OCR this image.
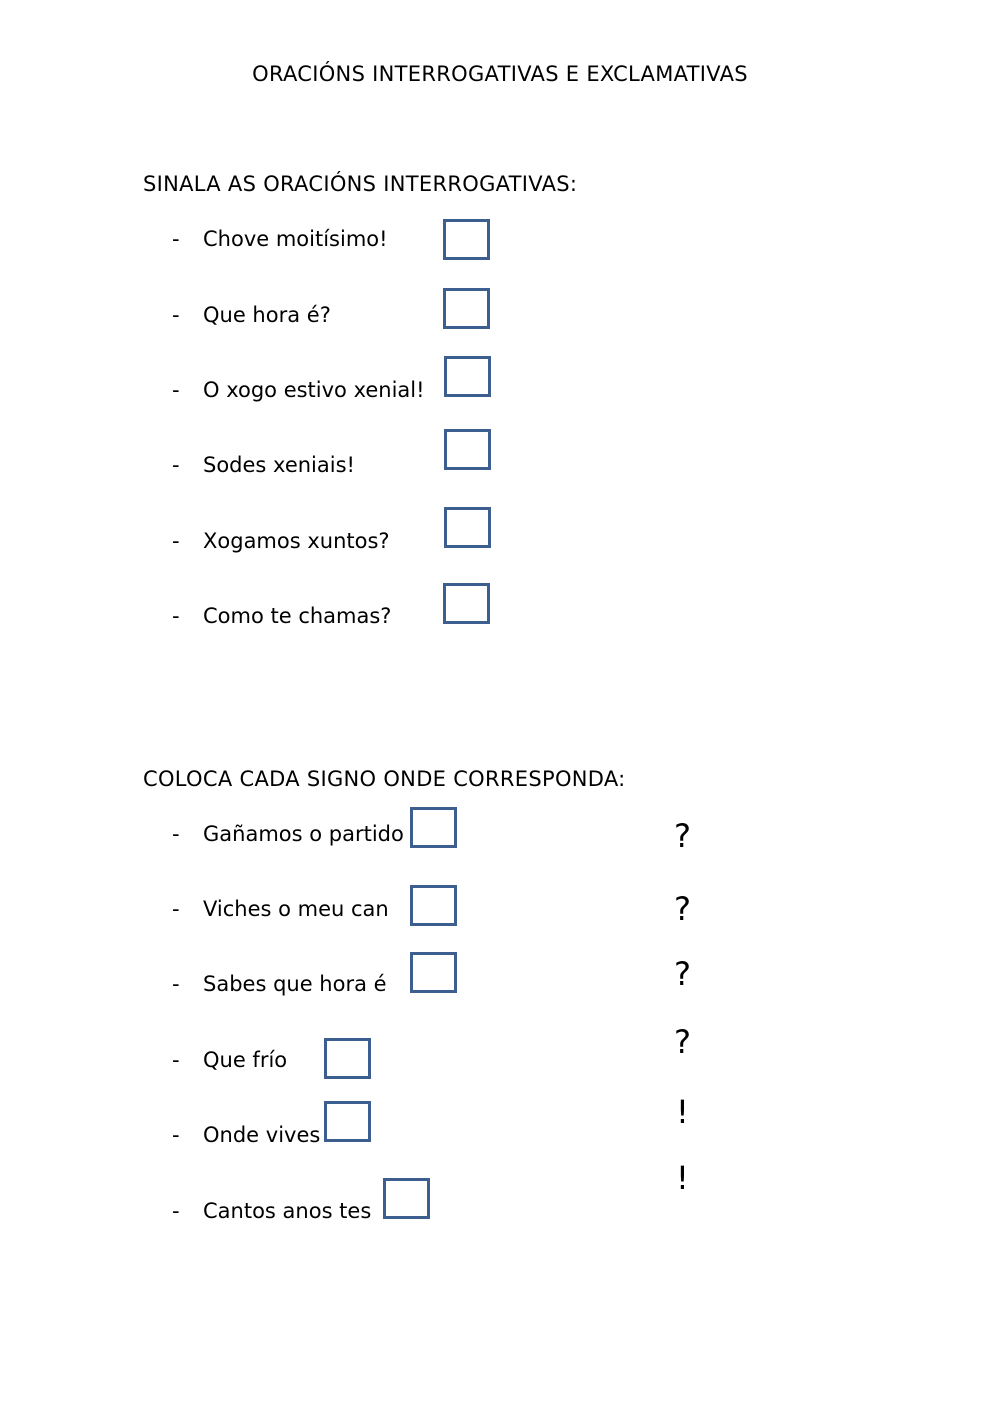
ORACIÓNS INTERROGATIVAS E EXCLAMATIVAS
SINALA AS ORACIÓNS INTERROGATIVAS:
- Chove moitísimo!
- Que hora é?
- O xogo estivo xenial!
- Sodes xeniais!
- Xogamos xuntos?
- Como te chamas?
COLOCA CADA SIGNO ONDE CORRESPONDA:
- Gañamos o partido
- Viches o meu can
- Sabes que hora é
- Que frío
- Onde vives
- Cantos anos tes
?
?
?
?
!
!
